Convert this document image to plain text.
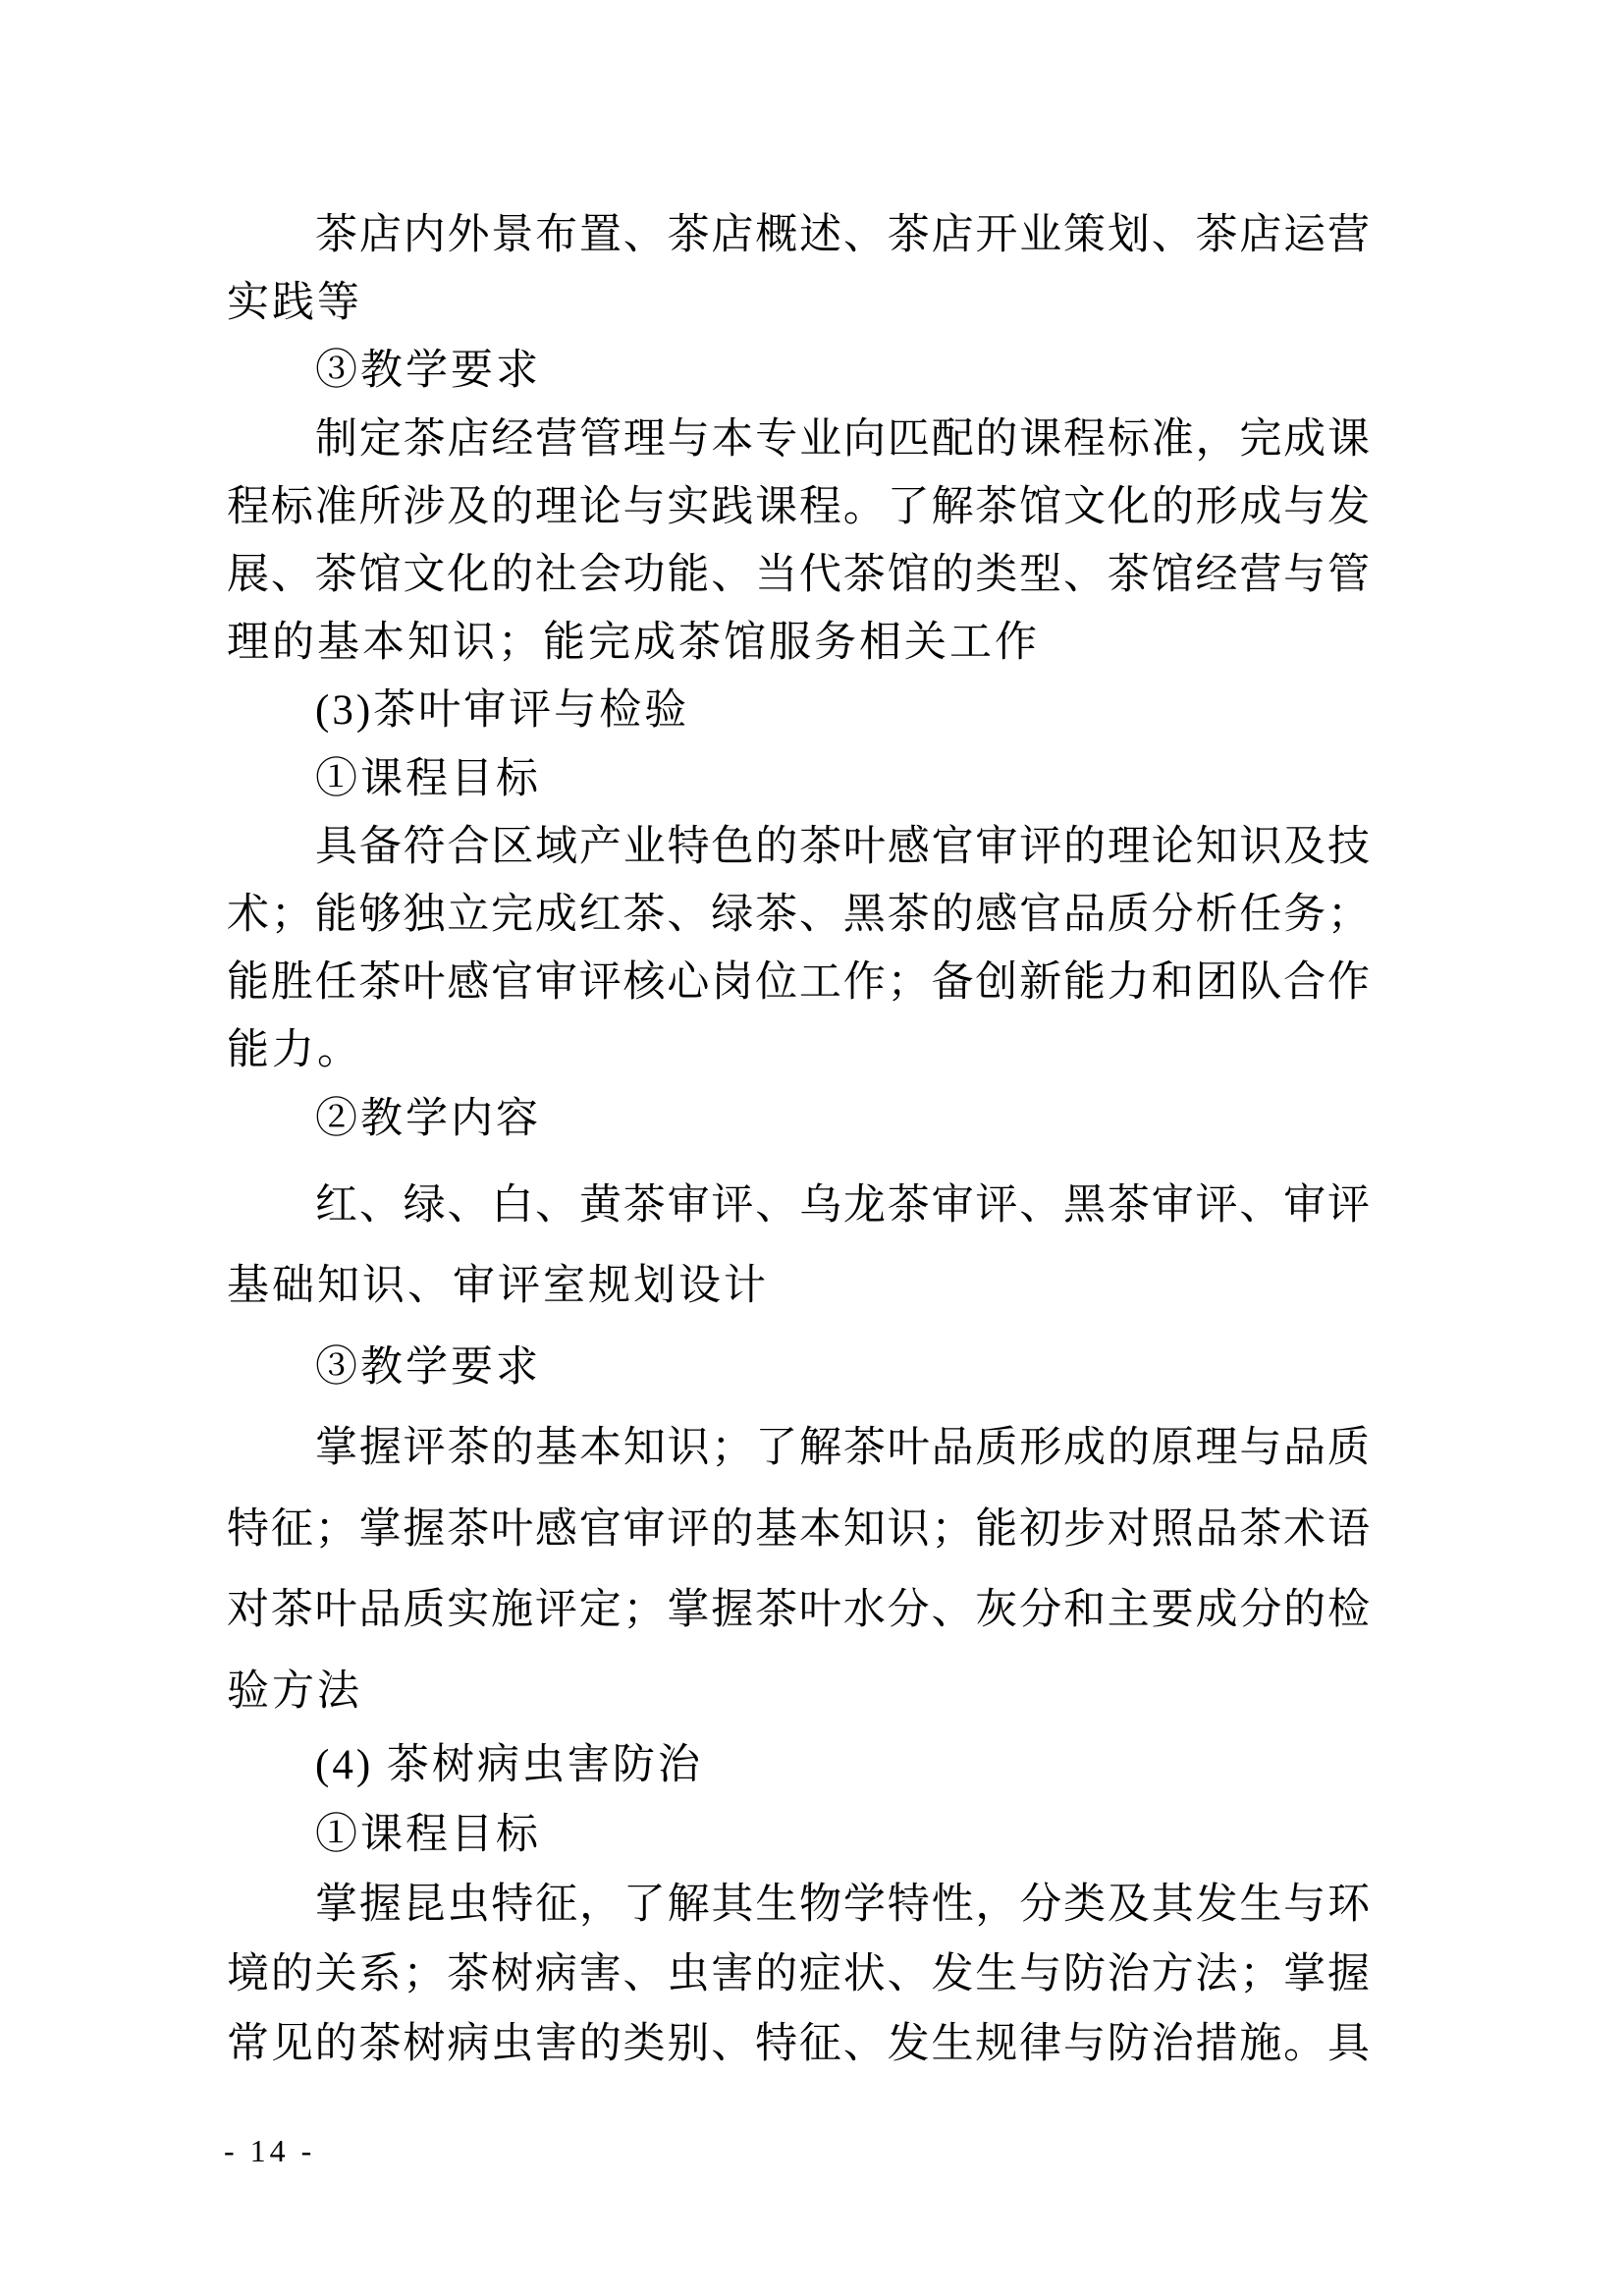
茶店内外景布置、茶店概述、茶店开业策划、茶店运营
实践等
③教学要求
制定茶店经营管理与本专业向匹配的课程标准，完成课
程标准所涉及的理论与实践课程。了解茶馆文化的形成与发
展、茶馆文化的社会功能、当代茶馆的类型、茶馆经营与管
理的基本知识；能完成茶馆服务相关工作
(3)茶叶审评与检验
①课程目标
具备符合区域产业特色的茶叶感官审评的理论知识及技
术；能够独立完成红茶、绿茶、黑茶的感官品质分析任务；
能胜任茶叶感官审评核心岗位工作；备创新能力和团队合作
能力。
②教学内容
红、绿、白、黄茶审评、乌龙茶审评、黑茶审评、审评
基础知识、审评室规划设计
③教学要求
掌握评茶的基本知识；了解茶叶品质形成的原理与品质
特征；掌握茶叶感官审评的基本知识；能初步对照品茶术语
对茶叶品质实施评定；掌握茶叶水分、灰分和主要成分的检
验方法
(4) 茶树病虫害防治
①课程目标
掌握昆虫特征，了解其生物学特性，分类及其发生与环
境的关系；茶树病害、虫害的症状、发生与防治方法；掌握
常见的茶树病虫害的类别、特征、发生规律与防治措施。具
- 14 -
